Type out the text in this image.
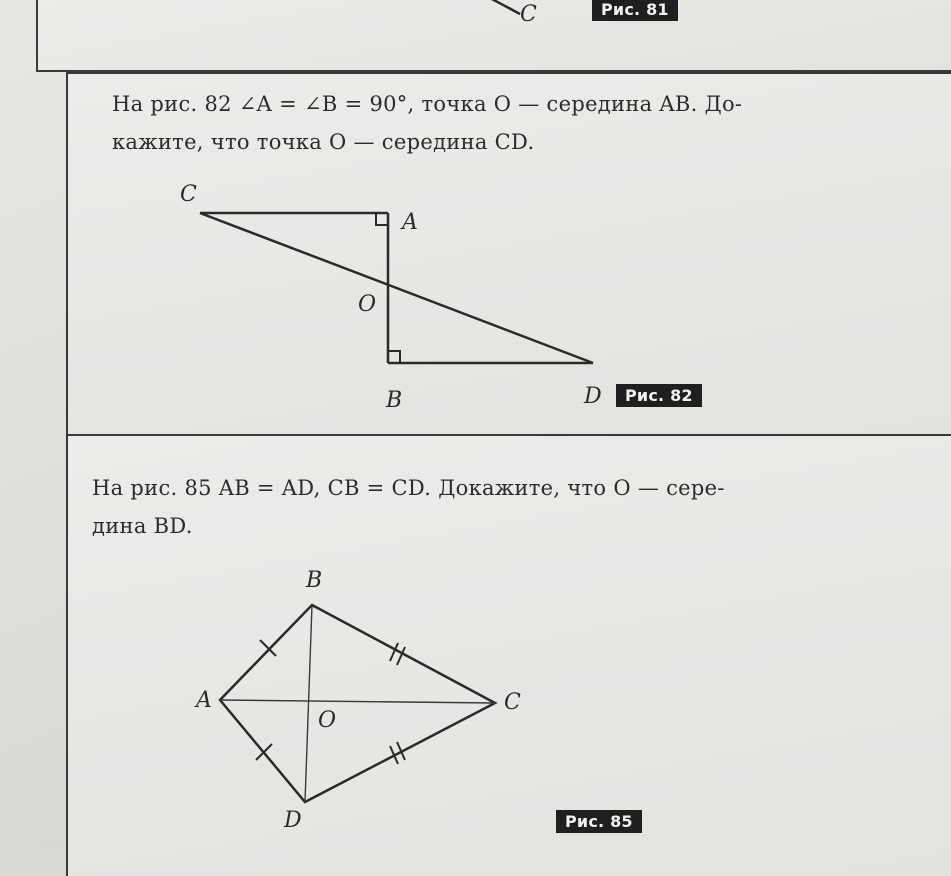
C	Рис. 81
На рис. 82 ∠A = ∠B = 90°, точка O — середина AB. До-
кажите, что точка O — середина CD.
C
A
O
B	D	Рис. 82
На рис. 85 AB = AD, CB = CD. Докажите, что O — сере-
дина BD.
B
A	C
O
D	Рис. 85
